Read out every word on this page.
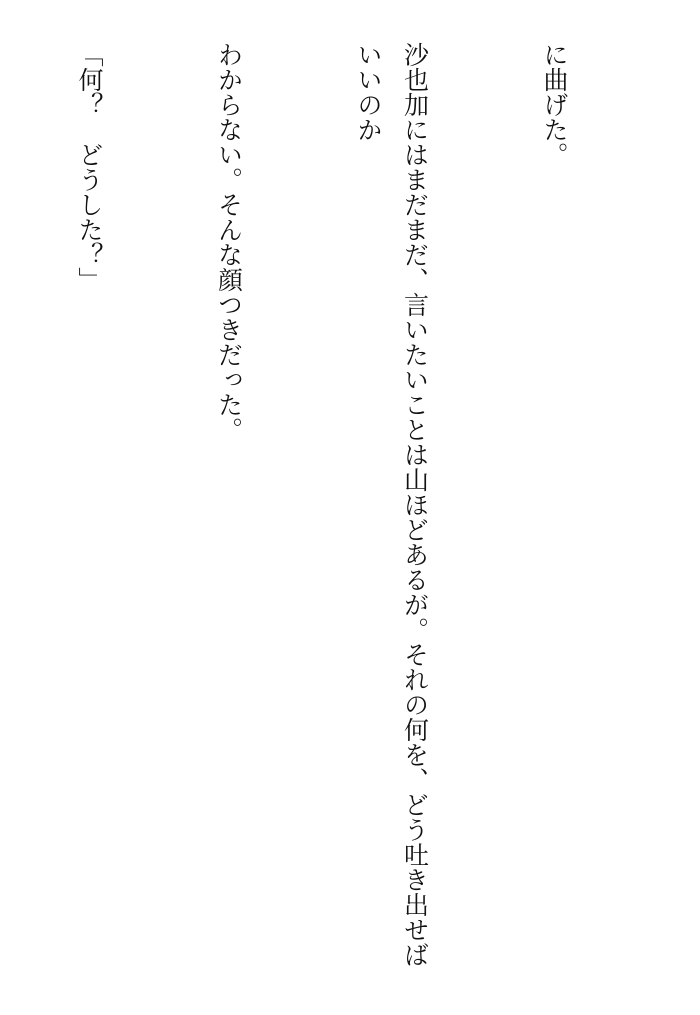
に曲げた。

沙也加にはまだまだ、言いたいことは山ほどあるが。それの何を、どう吐き出せばいいのか

わからない。そんな顔つきだった。

「何？　どうした？」
